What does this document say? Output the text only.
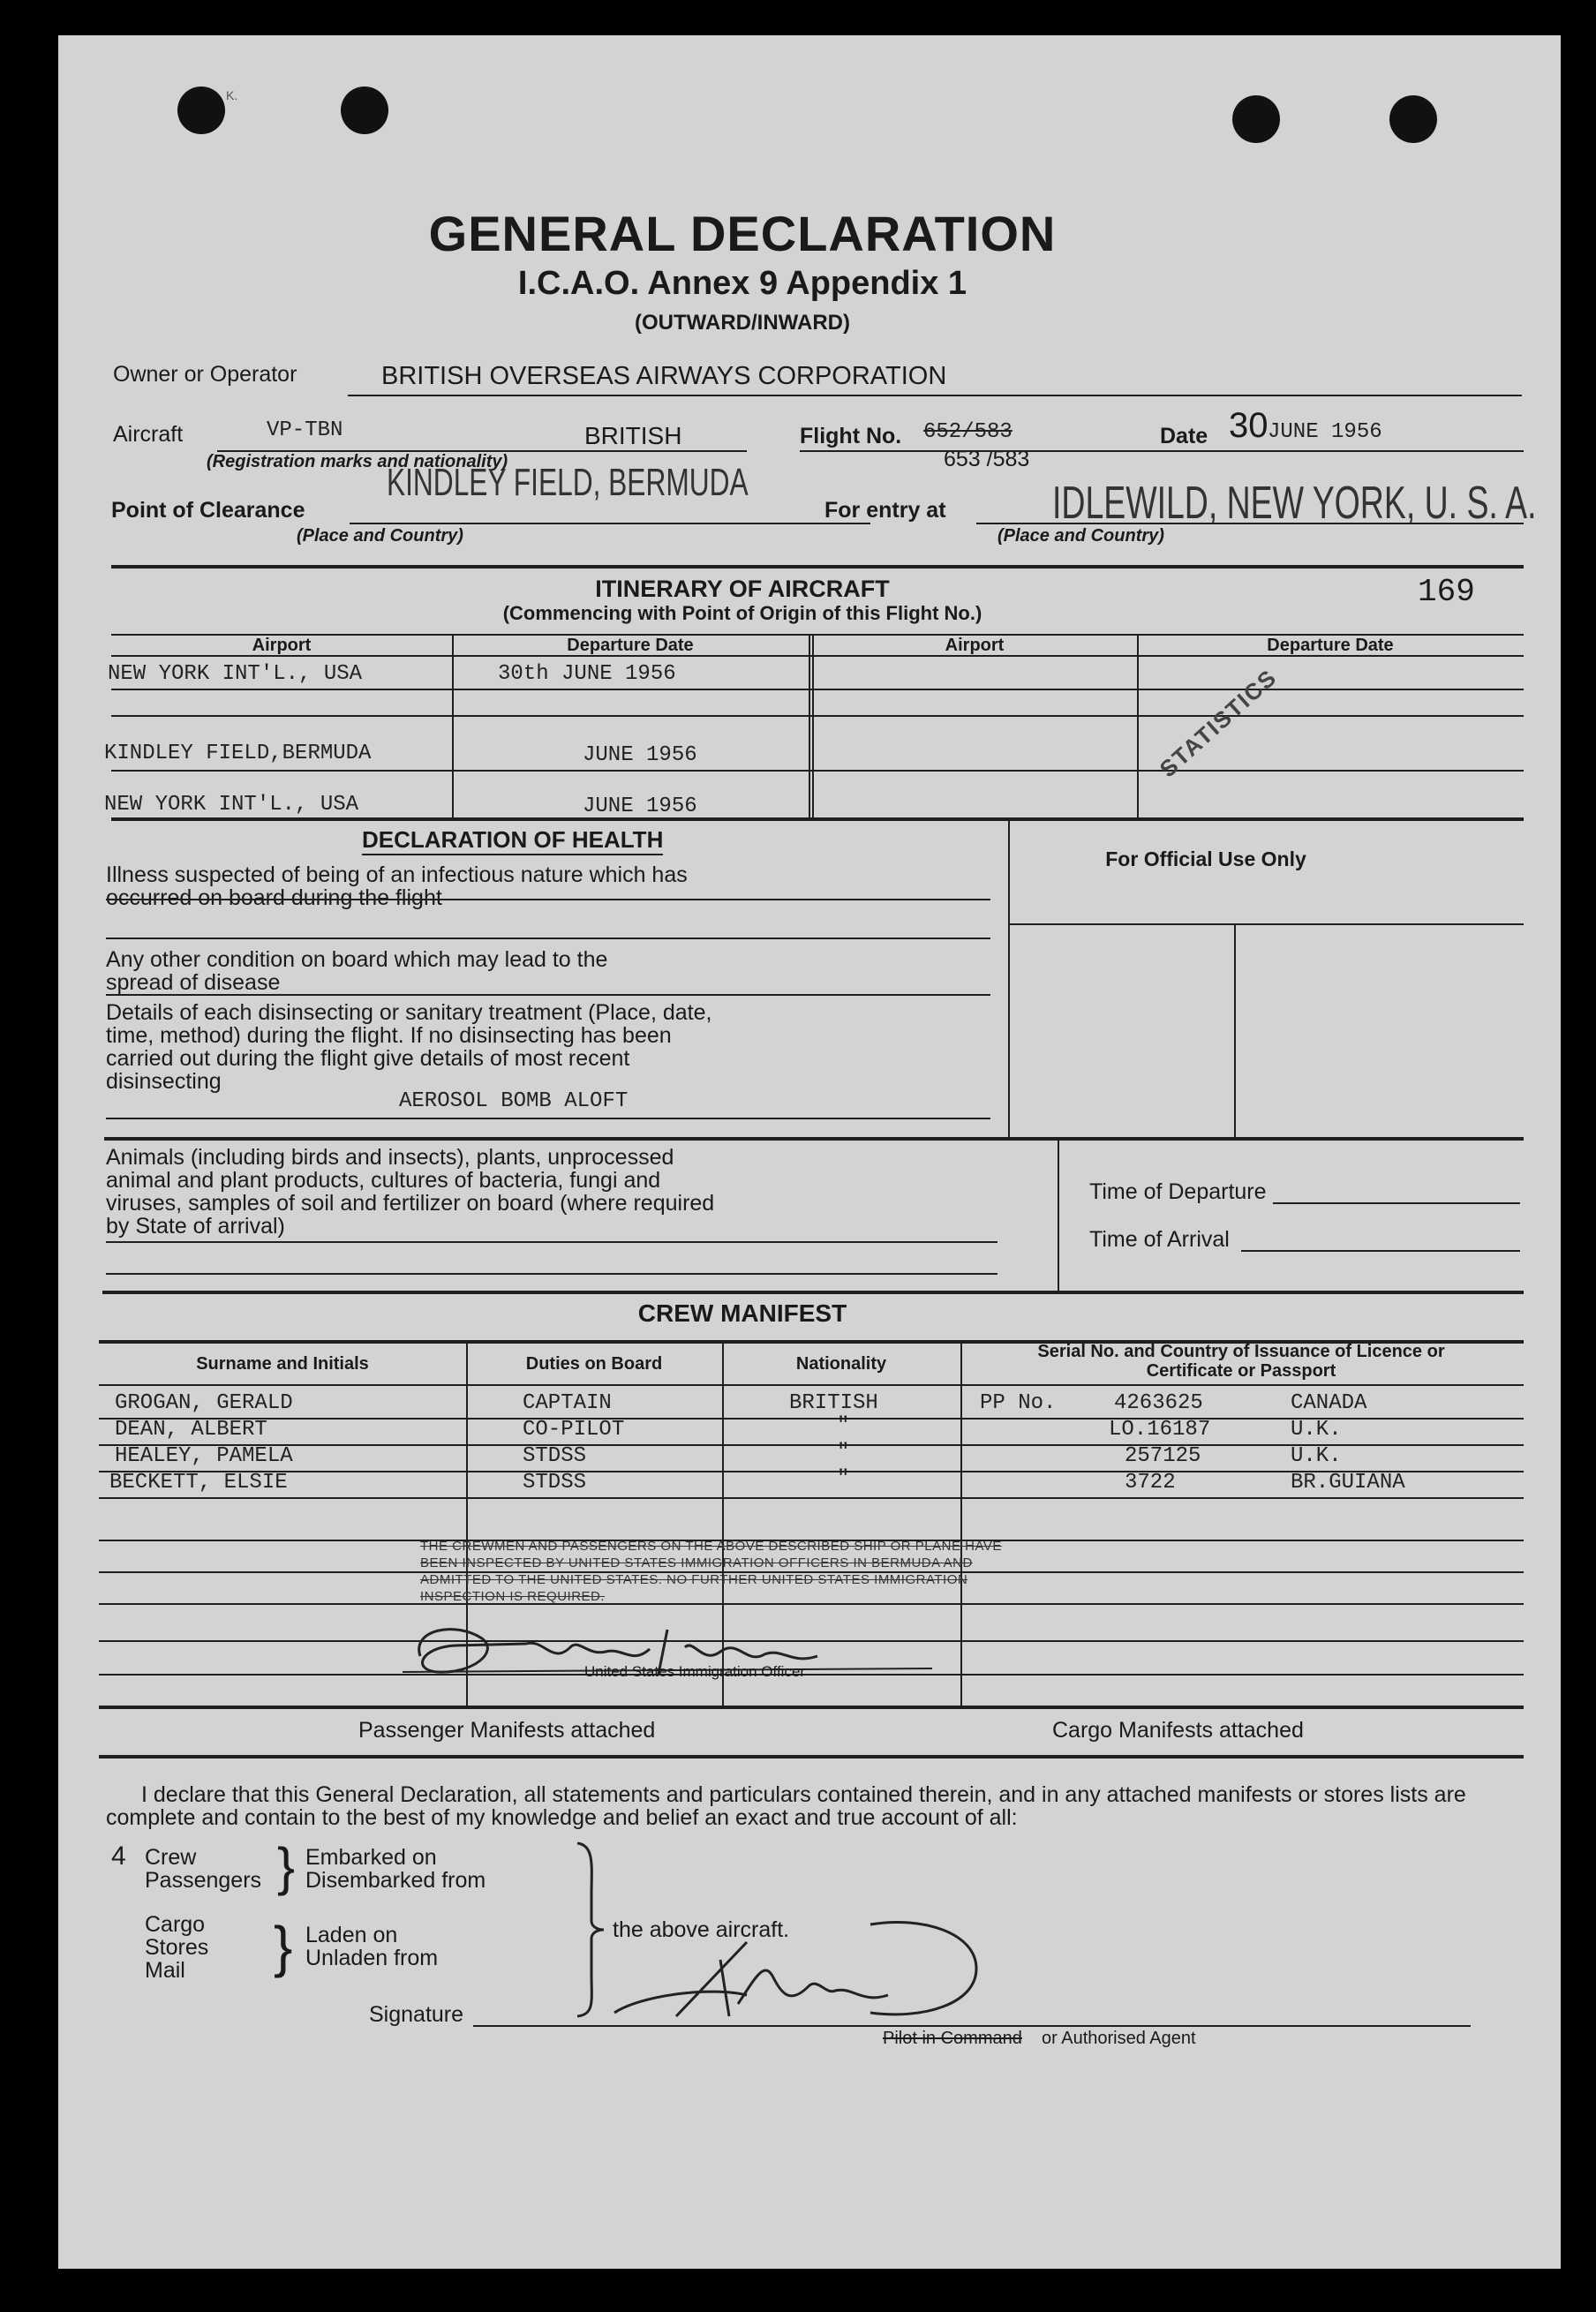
K.
GENERAL DECLARATION
I.C.A.O. Annex 9 Appendix 1
(OUTWARD/INWARD)
Owner or Operator	BRITISH OVERSEAS AIRWAYS CORPORATION
Aircraft	VP-TBN	BRITISH
(Registration marks and nationality)
Flight No. 652/583
653 /583
Date 30 JUNE 1956
KINDLEY FIELD, BERMUDA
Point of Clearance
(Place and Country)
For entry at IDLEWILD, NEW YORK, U. S. A.
(Place and Country)
ITINERARY OF AIRCRAFT
(Commencing with Point of Origin of this Flight No.)
169
Airport	Departure Date	Airport	Departure Date
NEW YORK INT'L., USA	30th JUNE 1956
KINDLEY FIELD,BERMUDA	JUNE 1956
NEW YORK INT'L., USA	JUNE 1956
STATISTICS
DECLARATION OF HEALTH
Illness suspected of being of an infectious nature which has occurred on board during the flight
For Official Use Only
Any other condition on board which may lead to the spread of disease
Details of each disinsecting or sanitary treatment (Place, date, time, method) during the flight. If no disinsecting has been carried out during the flight give details of most recent disinsecting
AEROSOL BOMB ALOFT
Animals (including birds and insects), plants, unprocessed animal and plant products, cultures of bacteria, fungi and viruses, samples of soil and fertilizer on board (where required by State of arrival)
Time of Departure
Time of Arrival
CREW MANIFEST
Surname and Initials	Duties on Board	Nationality
Serial No. and Country of Issuance of Licence or Certificate or Passport
GROGAN, GERALD	CAPTAIN	BRITISH	PP No.	4263625	CANADA
DEAN, ALBERT	CO-PILOT	"	LO.16187	U.K.
HEALEY, PAMELA	STDSS	"	257125	U.K.
BECKETT, ELSIE	STDSS	"	3722	BR.GUIANA
THE CREWMEN AND PASSENGERS ON THE ABOVE DESCRIBED SHIP OR PLANE HAVE BEEN INSPECTED BY UNITED STATES IMMIGRATION OFFICERS IN BERMUDA AND ADMITTED TO THE UNITED STATES. NO FURTHER UNITED STATES IMMIGRATION INSPECTION IS REQUIRED.
United States Immigration Officer
Passenger Manifests attached	Cargo Manifests attached
I declare that this General Declaration, all statements and particulars contained therein, and in any attached manifests or stores lists are complete and contain to the best of my knowledge and belief an exact and true account of all:
4 Crew
Passengers } Embarked on
Disembarked from
Cargo
Stores
Mail } Laden on
Unladen from
the above aircraft.
Signature
Pilot in Command or Authorised Agent
